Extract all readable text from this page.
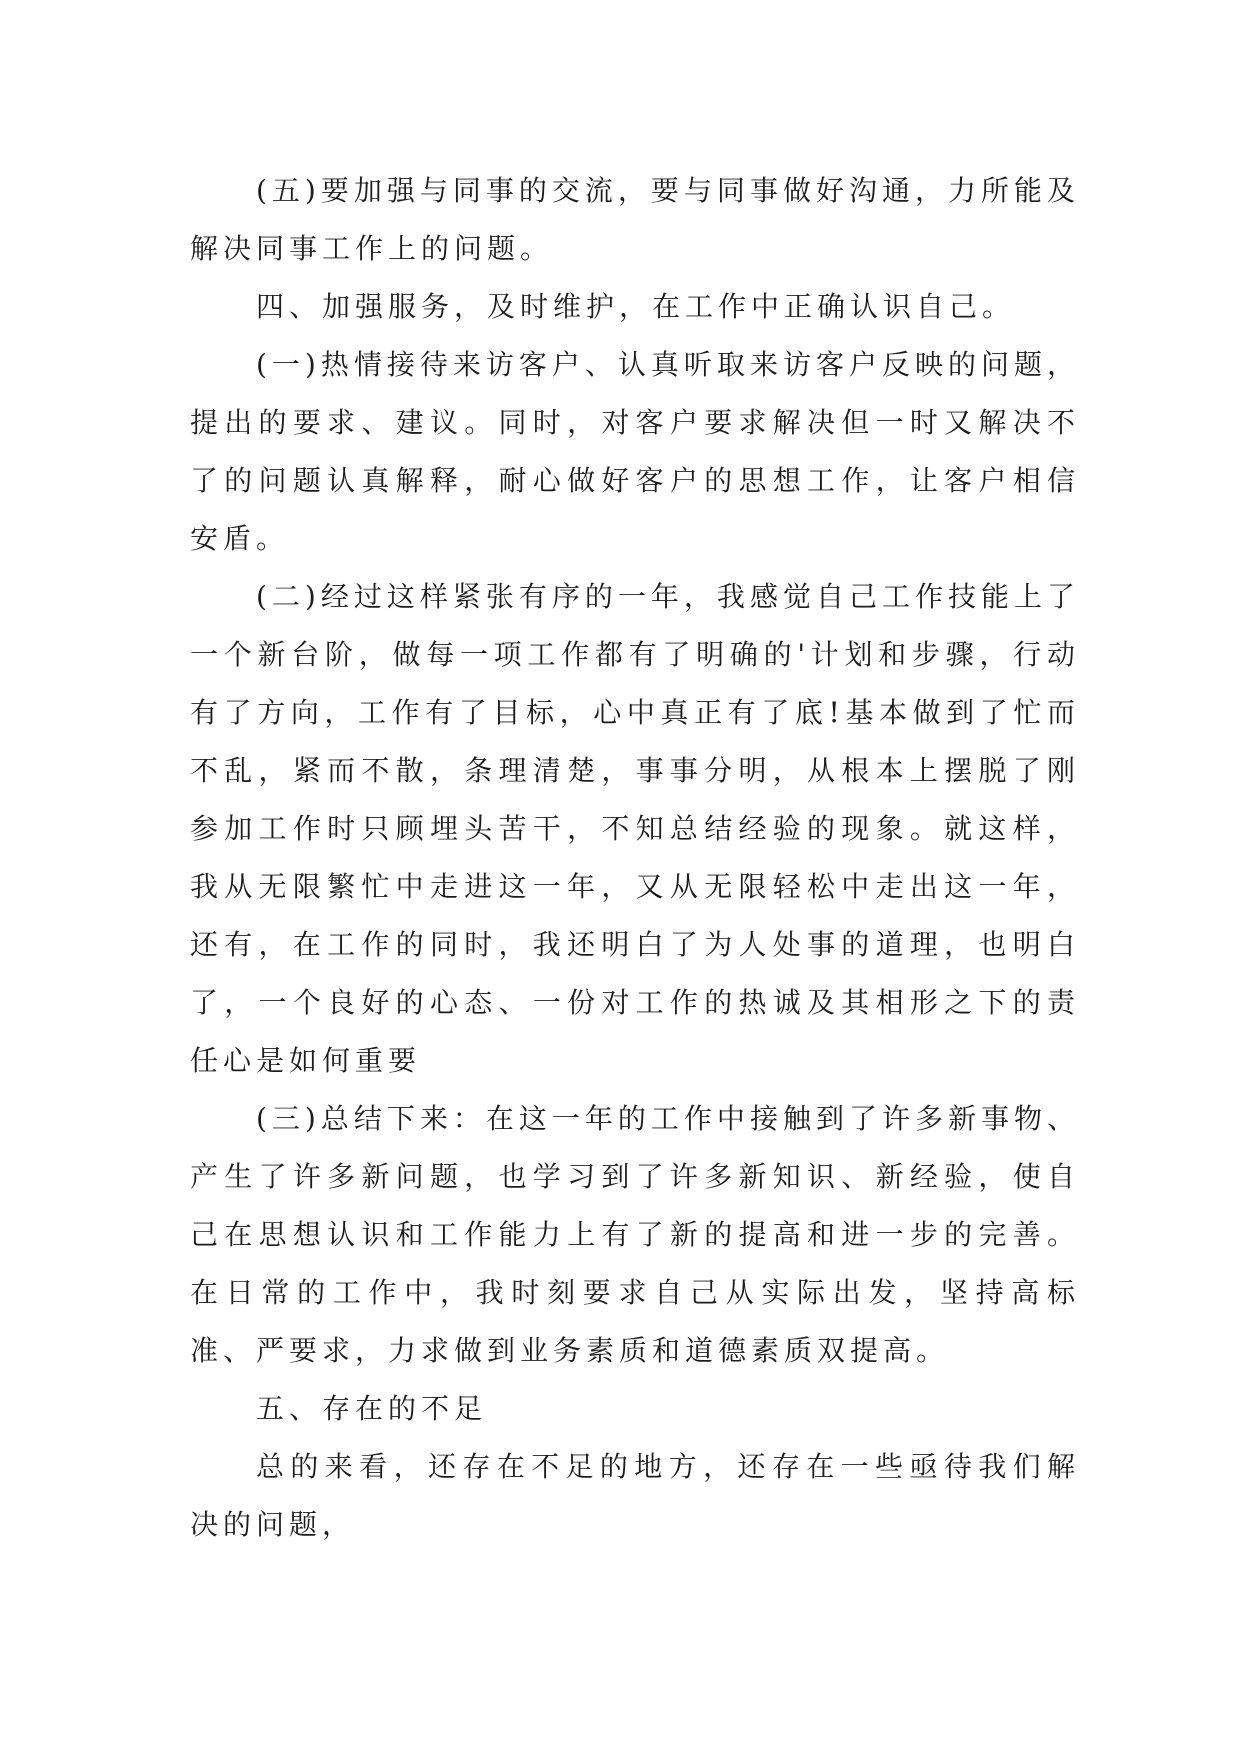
(五)要加强与同事的交流，要与同事做好沟通，力所能及解决同事工作上的问题。

四、加强服务，及时维护，在工作中正确认识自己。

(一)热情接待来访客户、认真听取来访客户反映的问题，提出的要求、建议。同时，对客户要求解决但一时又解决不了的问题认真解释，耐心做好客户的思想工作，让客户相信安盾。

(二)经过这样紧张有序的一年，我感觉自己工作技能上了一个新台阶，做每一项工作都有了明确的'计划和步骤，行动有了方向，工作有了目标，心中真正有了底!基本做到了忙而不乱，紧而不散，条理清楚，事事分明，从根本上摆脱了刚参加工作时只顾埋头苦干，不知总结经验的现象。就这样，我从无限繁忙中走进这一年，又从无限轻松中走出这一年，还有，在工作的同时，我还明白了为人处事的道理，也明白了，一个良好的心态、一份对工作的热诚及其相形之下的责任心是如何重要

(三)总结下来：在这一年的工作中接触到了许多新事物、产生了许多新问题，也学习到了许多新知识、新经验，使自己在思想认识和工作能力上有了新的提高和进一步的完善。在日常的工作中，我时刻要求自己从实际出发，坚持高标准、严要求，力求做到业务素质和道德素质双提高。

五、存在的不足

总的来看，还存在不足的地方，还存在一些亟待我们解决的问题，
